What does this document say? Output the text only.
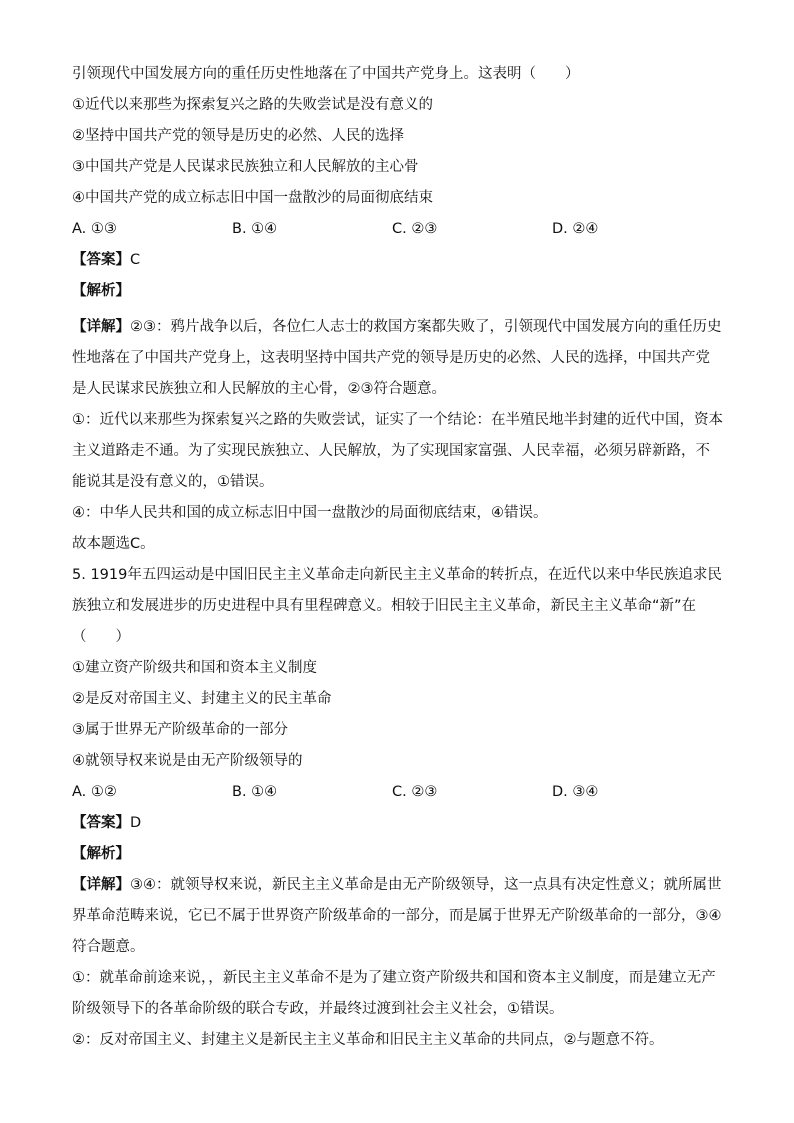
引领现代中国发展方向的重任历史性地落在了中国共产党身上。这表明（　　）
①近代以来那些为探索复兴之路的失败尝试是没有意义的
②坚持中国共产党的领导是历史的必然、人民的选择
③中国共产党是人民谋求民族独立和人民解放的主心骨
④中国共产党的成立标志旧中国一盘散沙的局面彻底结束
A. ①③	B. ①④	C. ②③	D. ②④
【答案】C
【解析】
【详解】②③：鸦片战争以后，各位仁人志士的救国方案都失败了，引领现代中国发展方向的重任历史性地落在了中国共产党身上，这表明坚持中国共产党的领导是历史的必然、人民的选择，中国共产党是人民谋求民族独立和人民解放的主心骨，②③符合题意。
①：近代以来那些为探索复兴之路的失败尝试，证实了一个结论：在半殖民地半封建的近代中国，资本主义道路走不通。为了实现民族独立、人民解放，为了实现国家富强、人民幸福，必须另辟新路，不能说其是没有意义的，①错误。
④：中华人民共和国的成立标志旧中国一盘散沙的局面彻底结束，④错误。
故本题选C。
5. 1919年五四运动是中国旧民主主义革命走向新民主主义革命的转折点，在近代以来中华民族追求民族独立和发展进步的历史进程中具有里程碑意义。相较于旧民主主义革命，新民主主义革命“新”在（　　）
①建立资产阶级共和国和资本主义制度
②是反对帝国主义、封建主义的民主革命
③属于世界无产阶级革命的一部分
④就领导权来说是由无产阶级领导的
A. ①②	B. ①④	C. ②③	D. ③④
【答案】D
【解析】
【详解】③④：就领导权来说，新民主主义革命是由无产阶级领导，这一点具有决定性意义；就所属世界革命范畴来说，它已不属于世界资产阶级革命的一部分，而是属于世界无产阶级革命的一部分，③④符合题意。
①：就革命前途来说，，新民主主义革命不是为了建立资产阶级共和国和资本主义制度，而是建立无产阶级领导下的各革命阶级的联合专政，并最终过渡到社会主义社会，①错误。
②：反对帝国主义、封建主义是新民主主义革命和旧民主主义革命的共同点，②与题意不符。
